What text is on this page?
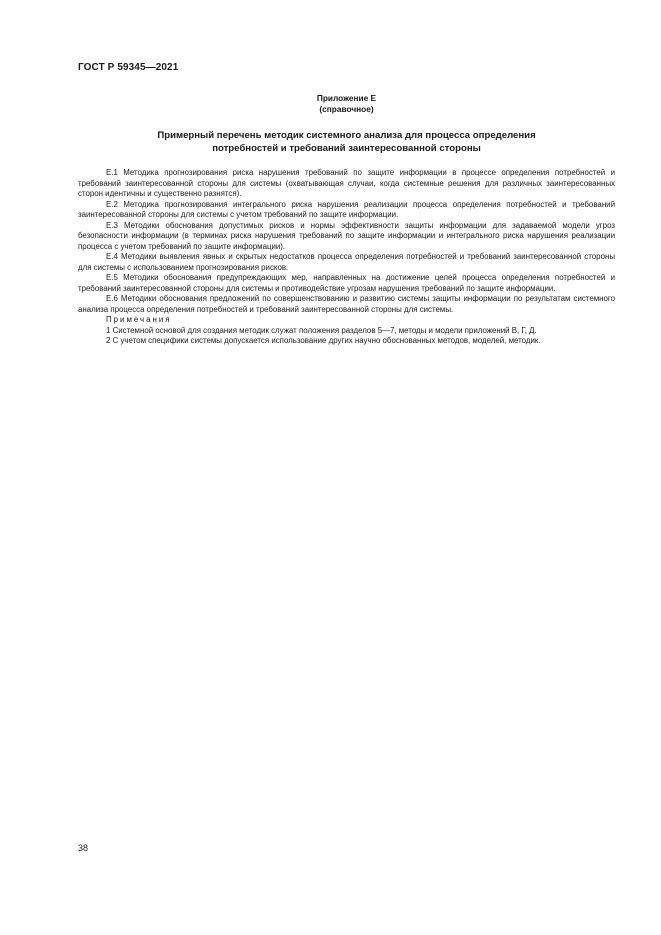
ГОСТ Р 59345—2021
Приложение Е
(справочное)
Примерный перечень методик системного анализа для процесса определения
потребностей и требований заинтересованной стороны

Е.1 Методика прогнозирования риска нарушения требований по защите информации в процессе определения потребностей и требований заинтересованной стороны для системы (охватывающая случаи, когда системные решения для различных заинтересованных сторон идентичны и существенно разнятся).

Е.2 Методика прогнозирования интегрального риска нарушения реализации процесса определения потребностей и требований заинтересованной стороны для системы с учетом требований по защите информации.

Е.3 Методики обоснования допустимых рисков и нормы эффективности защиты информации для задаваемой модели угроз безопасности информации (в терминах риска нарушения требований по защите информации и интегрального риска нарушения реализации процесса с учетом требований по защите информации).

Е.4 Методики выявления явных и скрытых недостатков процесса определения потребностей и требований заинтересованной стороны для системы с использованием прогнозирования рисков.

Е.5 Методики обоснования предупреждающих мер, направленных на достижение целей процесса определения потребностей и требований заинтересованной стороны для системы и противодействие угрозам нарушения требований по защите информации.

Е.6 Методики обоснования предложений по совершенствованию и развитию системы защиты информации по результатам системного анализа процесса определения потребностей и требований заинтересованной стороны для системы.

Примечания

1 Системной основой для создания методик служат положения разделов 5—7, методы и модели приложений В, Г, Д.

2 С учетом специфики системы допускается использование других научно обоснованных методов, моделей, методик.

38
